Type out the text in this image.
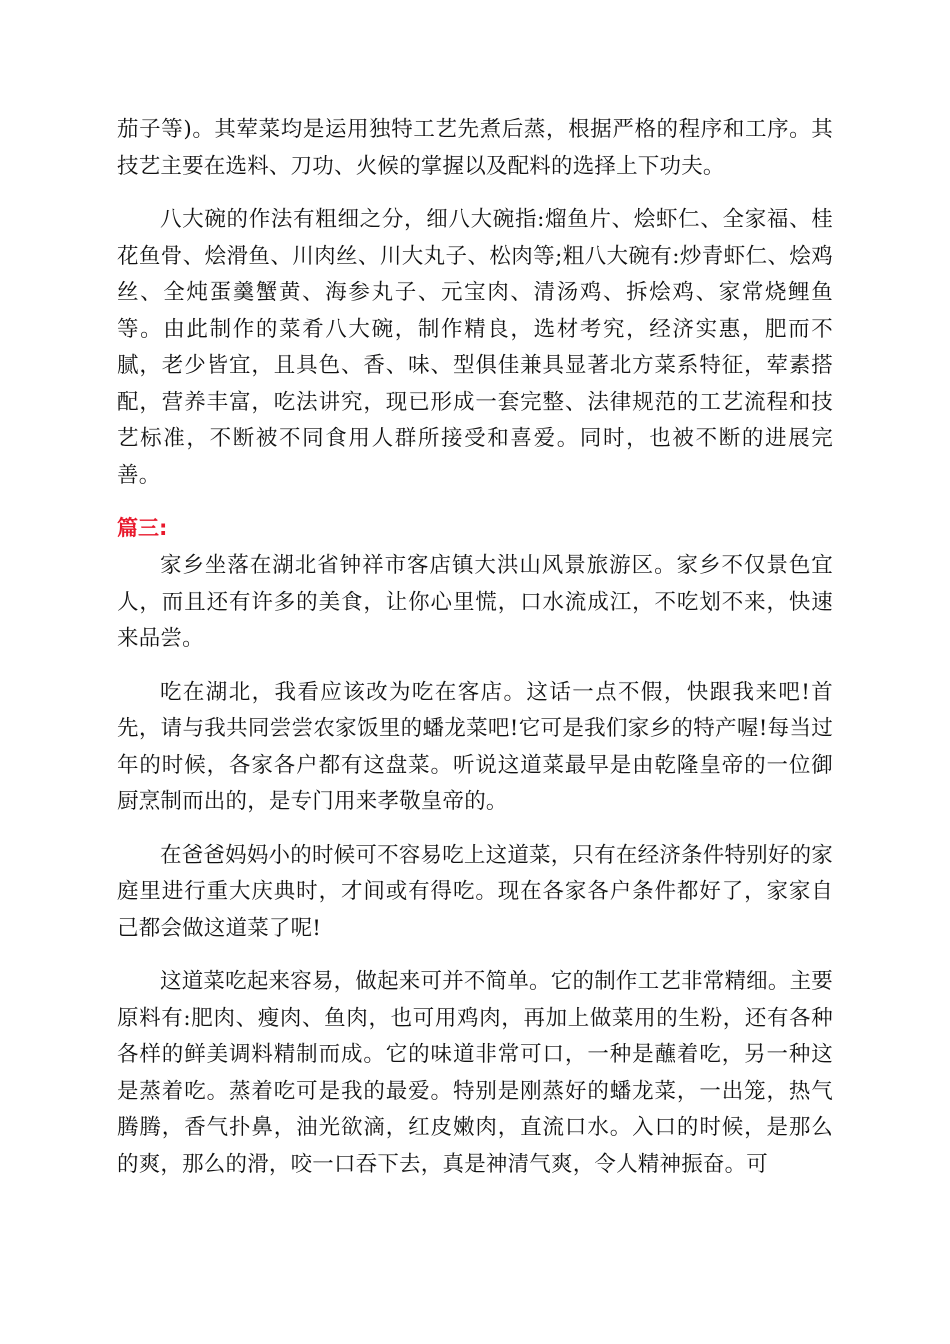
茄子等)。其荤菜均是运用独特工艺先煮后蒸，根据严格的程序和工序。其技艺主要在选料、刀功、火候的掌握以及配料的选择上下功夫。

八大碗的作法有粗细之分，细八大碗指:熘鱼片、烩虾仁、全家福、桂花鱼骨、烩滑鱼、川肉丝、川大丸子、松肉等;粗八大碗有:炒青虾仁、烩鸡丝、全炖蛋羹蟹黄、海参丸子、元宝肉、清汤鸡、拆烩鸡、家常烧鲤鱼等。由此制作的菜肴八大碗，制作精良，选材考究，经济实惠，肥而不腻，老少皆宜，且具色、香、味、型俱佳兼具显著北方菜系特征，荤素搭配，营养丰富，吃法讲究，现已形成一套完整、法律规范的工艺流程和技艺标准，不断被不同食用人群所接受和喜爱。同时，也被不断的进展完善。

篇三:

家乡坐落在湖北省钟祥市客店镇大洪山风景旅游区。家乡不仅景色宜人，而且还有许多的美食，让你心里慌，口水流成江，不吃划不来，快速来品尝。

吃在湖北，我看应该改为吃在客店。这话一点不假，快跟我来吧!首先，请与我共同尝尝农家饭里的蟠龙菜吧!它可是我们家乡的特产喔!每当过年的时候，各家各户都有这盘菜。听说这道菜最早是由乾隆皇帝的一位御厨烹制而出的，是专门用来孝敬皇帝的。

在爸爸妈妈小的时候可不容易吃上这道菜，只有在经济条件特别好的家庭里进行重大庆典时，才间或有得吃。现在各家各户条件都好了，家家自己都会做这道菜了呢!

这道菜吃起来容易，做起来可并不简单。它的制作工艺非常精细。主要原料有:肥肉、瘦肉、鱼肉，也可用鸡肉，再加上做菜用的生粉，还有各种各样的鲜美调料精制而成。它的味道非常可口，一种是蘸着吃，另一种这是蒸着吃。蒸着吃可是我的最爱。特别是刚蒸好的蟠龙菜，一出笼，热气腾腾，香气扑鼻，油光欲滴，红皮嫩肉，直流口水。入口的时候，是那么的爽，那么的滑，咬一口吞下去，真是神清气爽，令人精神振奋。可
